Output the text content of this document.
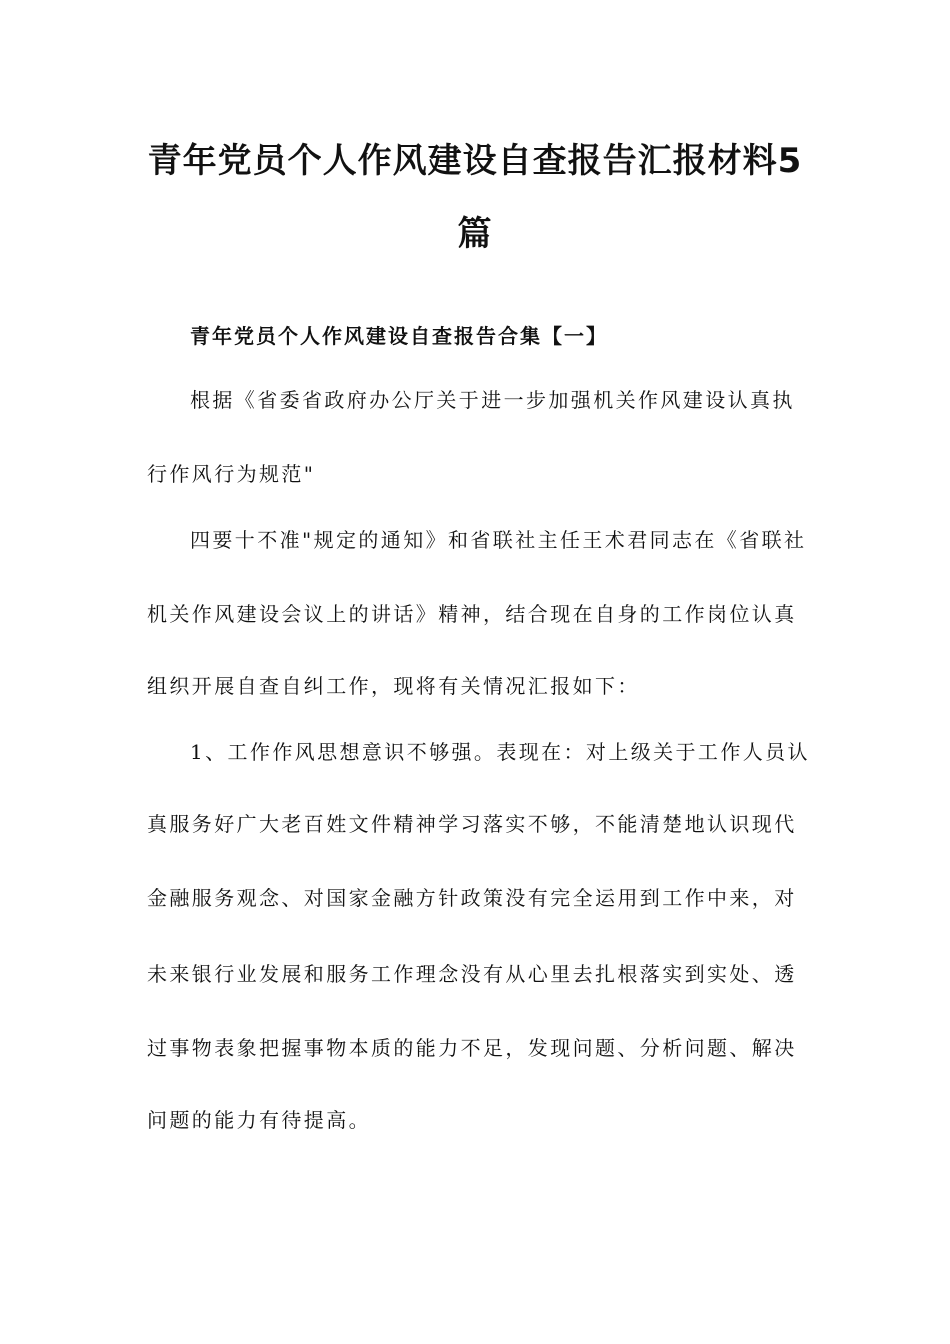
青年党员个人作风建设自查报告汇报材料5
篇

青年党员个人作风建设自查报告合集【一】

根据《省委省政府办公厅关于进一步加强机关作风建设认真执

行作风行为规范"

四要十不准"规定的通知》和省联社主任王术君同志在《省联社

机关作风建设会议上的讲话》精神，结合现在自身的工作岗位认真

组织开展自查自纠工作，现将有关情况汇报如下：

1、工作作风思想意识不够强。表现在：对上级关于工作人员认

真服务好广大老百姓文件精神学习落实不够，不能清楚地认识现代

金融服务观念、对国家金融方针政策没有完全运用到工作中来，对

未来银行业发展和服务工作理念没有从心里去扎根落实到实处、透

过事物表象把握事物本质的能力不足，发现问题、分析问题、解决

问题的能力有待提高。
